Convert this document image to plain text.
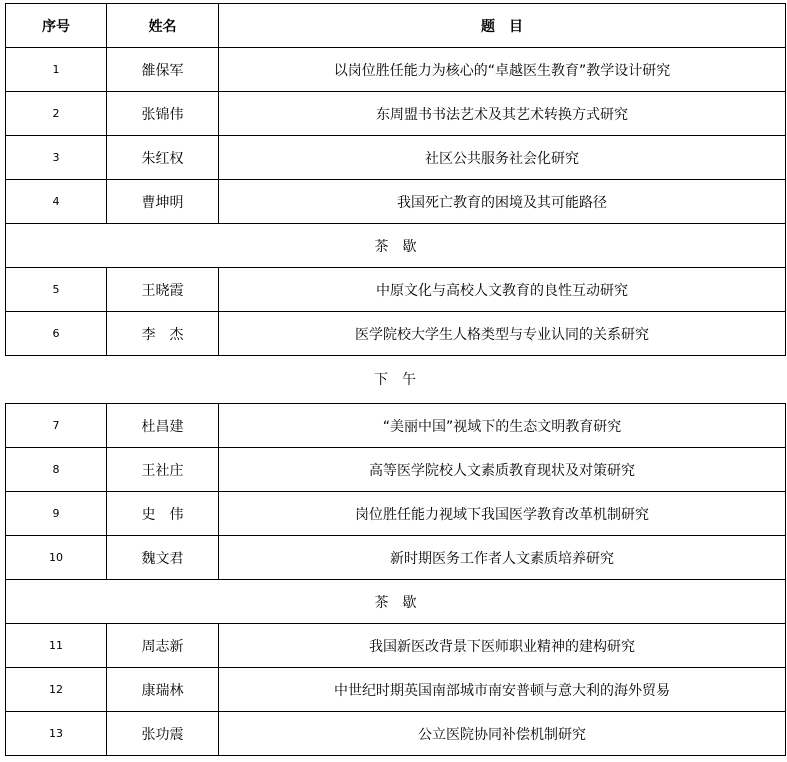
序号	姓名	题　目
1	雒保军	以岗位胜任能力为核心的“卓越医生教育”教学设计研究
2	张锦伟	东周盟书书法艺术及其艺术转换方式研究
3	朱红权	社区公共服务社会化研究
4	曹坤明	我国死亡教育的困境及其可能路径
茶　歇		
5	王晓霞	中原文化与高校人文教育的良性互动研究
6	李　杰	医学院校大学生人格类型与专业认同的关系研究
下　午
7	杜昌建	“美丽中国”视域下的生态文明教育研究
8	王社庄	高等医学院校人文素质教育现状及对策研究
9	史　伟	岗位胜任能力视域下我国医学教育改革机制研究
10	魏文君	新时期医务工作者人文素质培养研究
茶　歇		
11	周志新	我国新医改背景下医师职业精神的建构研究
12	康瑞林	中世纪时期英国南部城市南安普顿与意大利的海外贸易
13	张功震	公立医院协同补偿机制研究
